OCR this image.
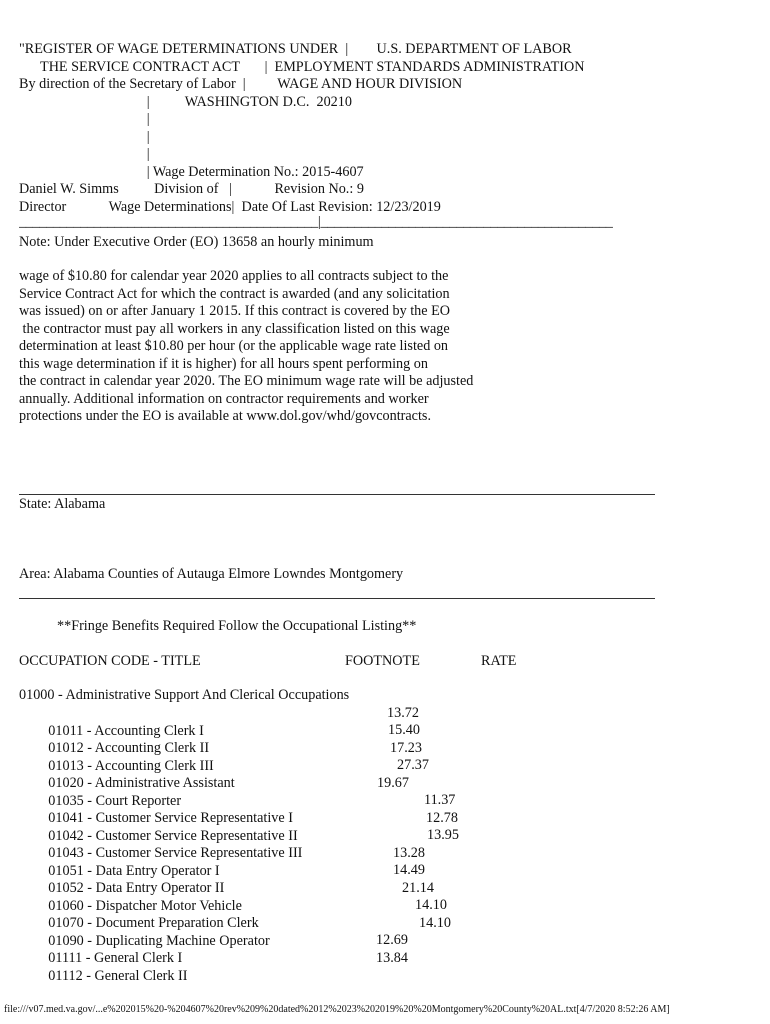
"REGISTER OF WAGE DETERMINATIONS UNDER  |        U.S. DEPARTMENT OF LABOR
THE SERVICE CONTRACT ACT       |  EMPLOYMENT STANDARDS ADMINISTRATION
By direction of the Secretary of Labor  |         WAGE AND HOUR DIVISION
|          WASHINGTON D.C.  20210
|
|
|
| Wage Determination No.: 2015-4607
Daniel W. Simms          Division of   |            Revision No.: 9
Director            Wage Determinations|  Date Of Last Revision: 12/23/2019
____________________________________________|___________________________________________
Note: Under Executive Order (EO) 13658 an hourly minimum
wage of $10.80 for calendar year 2020 applies to all contracts subject to the
Service Contract Act for which the contract is awarded (and any solicitation
was issued) on or after January 1 2015. If this contract is covered by the EO
the contractor must pay all workers in any classification listed on this wage
determination at least $10.80 per hour (or the applicable wage rate listed on
this wage determination if it is higher) for all hours spent performing on
the contract in calendar year 2020. The EO minimum wage rate will be adjusted
annually. Additional information on contractor requirements and worker
protections under the EO is available at www.dol.gov/whd/govcontracts.
State: Alabama
Area: Alabama Counties of Autauga Elmore Lowndes Montgomery
**Fringe Benefits Required Follow the Occupational Listing**
OCCUPATION CODE - TITLE	FOOTNOTE	RATE
01000 - Administrative Support And Clerical Occupations

01011 - Accounting Clerk I

13.72

01012 - Accounting Clerk II

15.40

01013 - Accounting Clerk III

17.23

01020 - Administrative Assistant

27.37

01035 - Court Reporter

19.67

01041 - Customer Service Representative I

11.37

01042 - Customer Service Representative II

12.78

01043 - Customer Service Representative III

13.95

01051 - Data Entry Operator I

13.28

01052 - Data Entry Operator II

14.49

01060 - Dispatcher Motor Vehicle

21.14

01070 - Document Preparation Clerk

14.10

01090 - Duplicating Machine Operator

14.10

01111 - General Clerk I

12.69

01112 - General Clerk II

13.84

file:///v07.med.va.gov/...e%202015%20-%204607%20rev%209%20dated%2012%2023%202019%20%20Montgomery%20County%20AL.txt[4/7/2020 8:52:26 AM]
